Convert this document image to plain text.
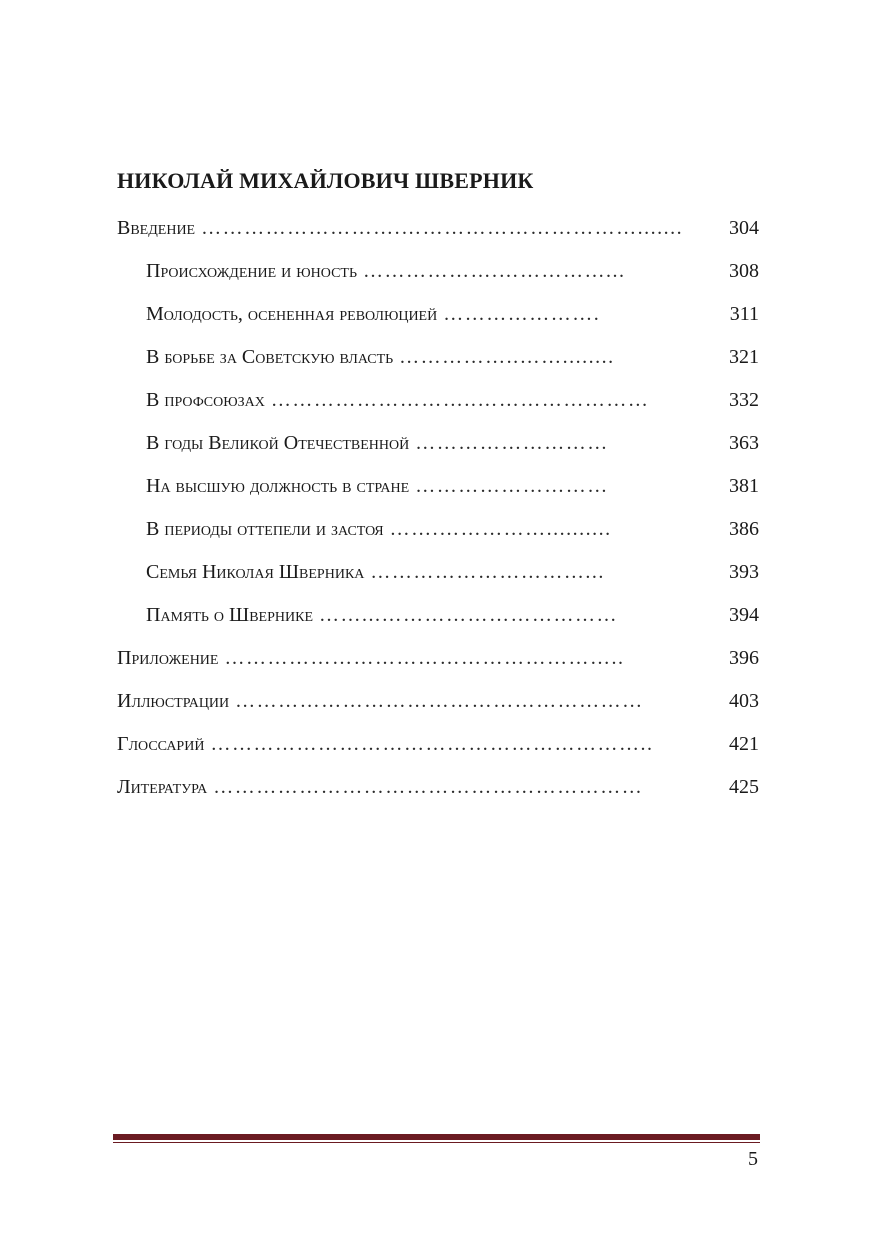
НИКОЛАЙ МИХАЙЛОВИЧ ШВЕРНИК
Введение ……………………….…………………………….......	304
Происхождение и юность ……………….……………...	308
Молодость, осененная революцией ………………….	311
В борьбе за Советскую власть ……………..……........	321
В профсоюзах ………………………..……………………	332
В годы Великой Отечественной ………………………	363
На высшую должность в стране ………………………	381
В периоды оттепели и застоя …….……………..........	386
Семья Николая Шверника …………………………...	393
Память о Швернике ……...……………………………	394
Приложение ………………………………………………..	396
Иллюстрации …………………………………………………	403
Глоссарий ……………………………………………………..	421
Литература ……………………………………………………	425
5
